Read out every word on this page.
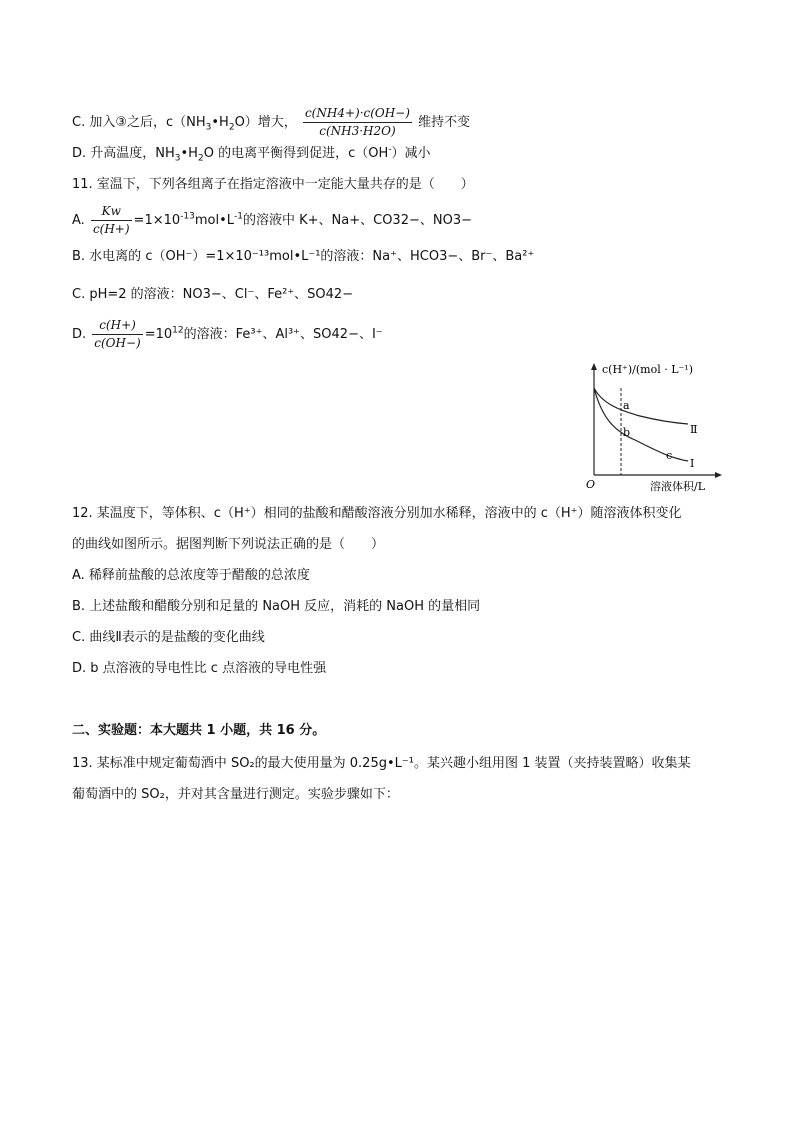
C. 加入③之后，$c(NH_3•H_2O)$增大， $\frac{c(NH4+)\cdot c(OH-)}{c(NH3\cdot H2O)}$ 维持不变
D. 升高温度，$NH_3•H_2O$ 的电离平衡得到促进，c（OH-）减小
11. 室温下，下列各组离子在指定溶液中一定能大量共存的是（　　）
A. $\frac{Kw}{c(H+)}$ $=1\times 10^{-13}mol•L^{-1}$的溶液中 K+、Na+、CO32−、NO3−
B. 水电离的 c（OH⁻）=1×10⁻¹³mol•L⁻¹的溶液：Na⁺、HCO3−、Br⁻、Ba²⁺
C. pH=2 的溶液：NO3−、Cl⁻、Fe²⁺、SO42−
D. $\frac{c(H+)}{c(OH-)} =10^{12}$的溶液：Fe³⁺、Al³⁺、SO42−、I⁻
c(H⁺)/(mol · L⁻¹)
O	溶液体积/L
a
b
c
Ⅱ
Ⅰ
12. 某温度下，等体积、c（H⁺）相同的盐酸和醋酸溶液分别加水稀释，溶液中的 c（H⁺）随溶液体积变化
的曲线如图所示。据图判断下列说法正确的是（　　）
A. 稀释前盐酸的总浓度等于醋酸的总浓度
B. 上述盐酸和醋酸分别和足量的 NaOH 反应，消耗的 NaOH 的量相同
C. 曲线Ⅱ表示的是盐酸的变化曲线
D. b 点溶液的导电性比 c 点溶液的导电性强
二、实验题：本大题共 1 小题，共 16 分。
13. 某标准中规定葡萄酒中 SO₂的最大使用量为 0.25g•L⁻¹。某兴趣小组用图 1 装置（夹持装置略）收集某
葡萄酒中的 SO₂，并对其含量进行测定。实验步骤如下：
